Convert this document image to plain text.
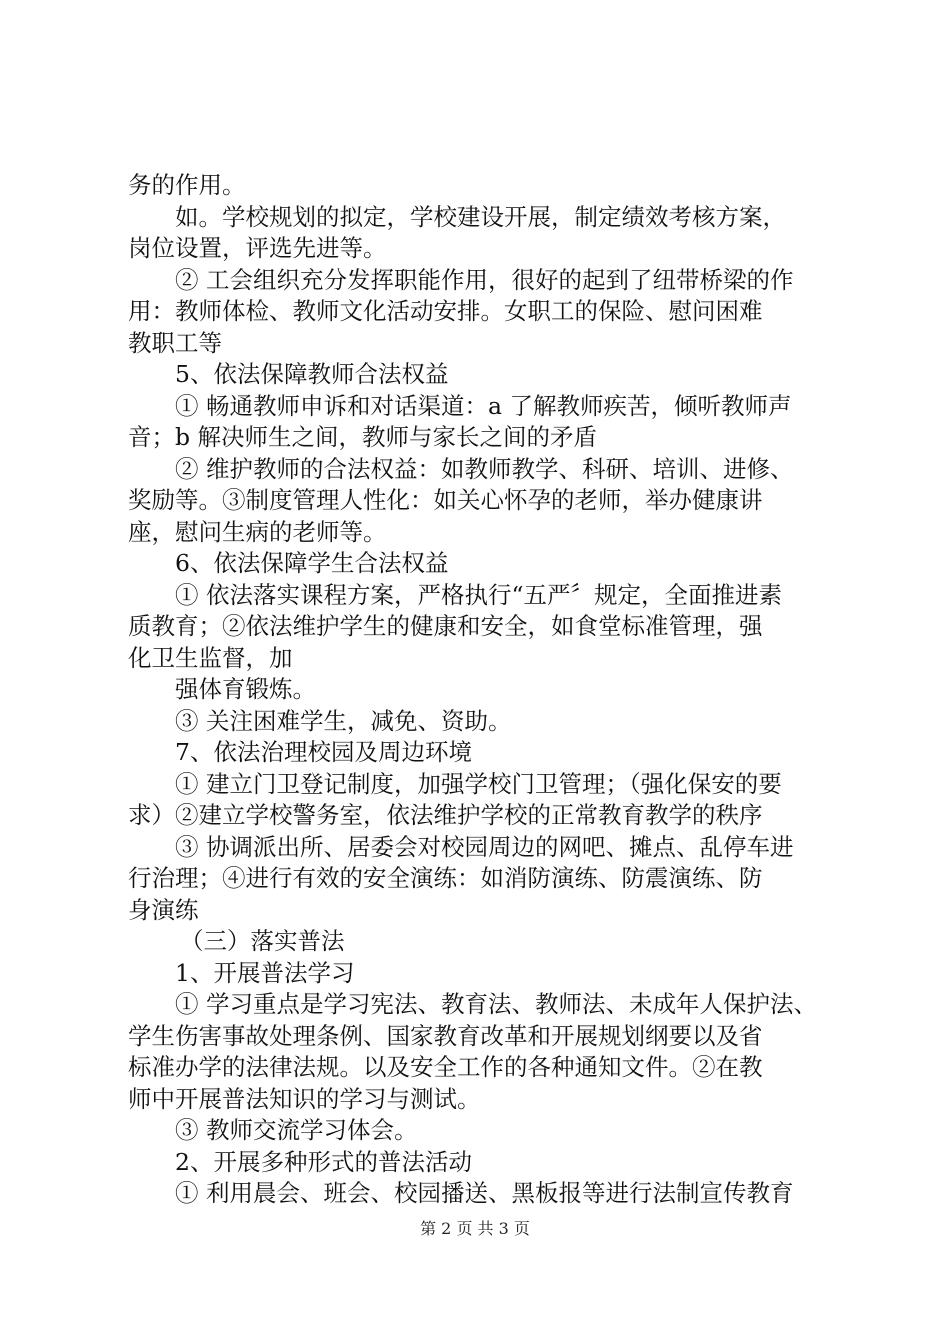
务的作用。
如。学校规划的拟定，学校建设开展，制定绩效考核方案，
岗位设置，评选先进等。
② 工会组织充分发挥职能作用，很好的起到了纽带桥梁的作
用：教师体检、教师文化活动安排。女职工的保险、慰问困难
教职工等
5、依法保障教师合法权益
① 畅通教师申诉和对话渠道：a 了解教师疾苦，倾听教师声
音；b 解决师生之间，教师与家长之间的矛盾
② 维护教师的合法权益：如教师教学、科研、培训、进修、
奖励等。③制度管理人性化：如关心怀孕的老师，举办健康讲
座，慰问生病的老师等。
6、依法保障学生合法权益
① 依法落实课程方案，严格执行“五严〞规定，全面推进素
质教育；②依法维护学生的健康和安全，如食堂标准管理，强
化卫生监督，加
强体育锻炼。
③ 关注困难学生，减免、资助。
7、依法治理校园及周边环境
① 建立门卫登记制度，加强学校门卫管理；（强化保安的要
求）②建立学校警务室，依法维护学校的正常教育教学的秩序
③ 协调派出所、居委会对校园周边的网吧、摊点、乱停车进
行治理；④进行有效的安全演练：如消防演练、防震演练、防
身演练
（三）落实普法
1、开展普法学习
① 学习重点是学习宪法、教育法、教师法、未成年人保护法、
学生伤害事故处理条例、国家教育改革和开展规划纲要以及省
标准办学的法律法规。以及安全工作的各种通知文件。②在教
师中开展普法知识的学习与测试。
③ 教师交流学习体会。
2、开展多种形式的普法活动
① 利用晨会、班会、校园播送、黑板报等进行法制宣传教育
第 2 页 共 3 页
